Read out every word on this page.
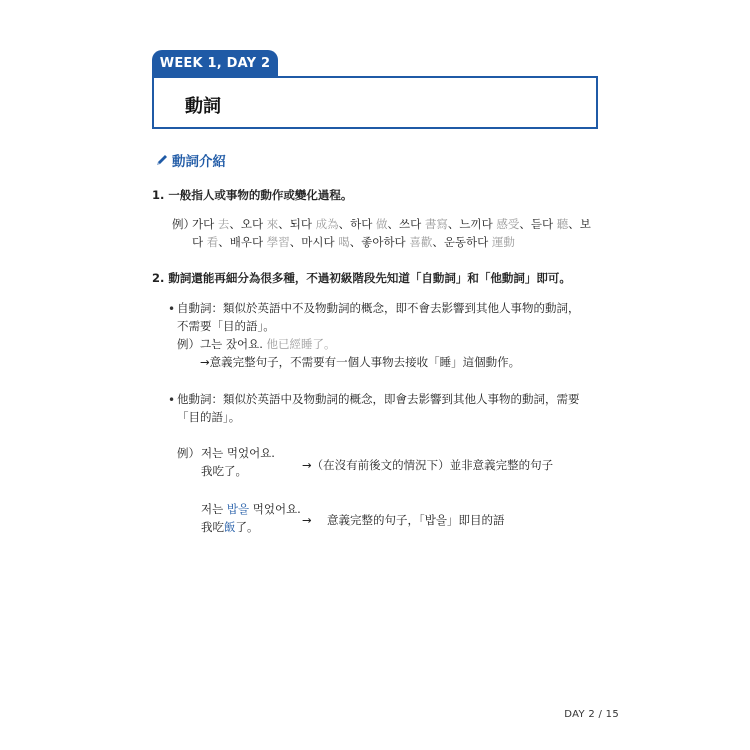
WEEK 1, DAY 2
動詞
動詞介紹
1. 一般指人或事物的動作或變化過程。
例）
가다 去、오다 來、되다 成為、하다 做、쓰다 書寫、느끼다 感受、듣다 聽、보
다 看、배우다 學習、마시다 喝、좋아하다 喜歡、운동하다 運動
2. 動詞還能再細分為很多種，不過初級階段先知道「自動詞」和「他動詞」即可。
• 自動詞：類似於英語中不及物動詞的概念，即不會去影響到其他人事物的動詞，
不需要「目的語」。
例） 그는 잤어요. 他已經睡了。
→意義完整句子，不需要有一個人事物去接收「睡」這個動作。
• 他動詞：類似於英語中及物動詞的概念，即會去影響到其他人事物的動詞，需要
「目的語」。
例） 저는 먹었어요.
我吃了。	→（在沒有前後文的情況下）並非意義完整的句子
저는 밥을 먹었어요.
我吃飯了。	→ 意義完整的句子，「밥을」即目的語
DAY 2 / 15
